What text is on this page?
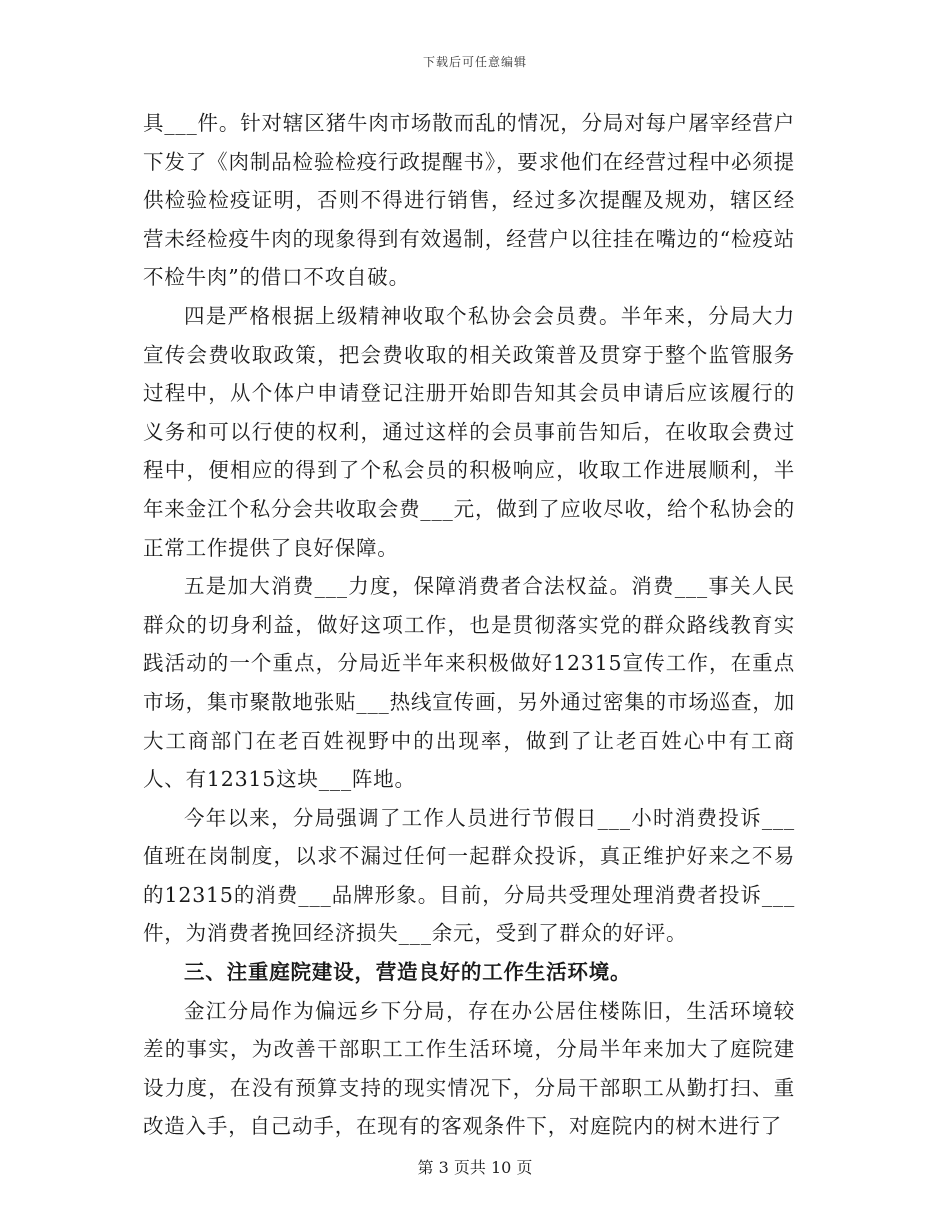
下载后可任意编辑

具___件。针对辖区猪牛肉市场散而乱的情况，分局对每户屠宰经营户下发了《肉制品检验检疫行政提醒书》，要求他们在经营过程中必须提供检验检疫证明，否则不得进行销售，经过多次提醒及规劝，辖区经营未经检疫牛肉的现象得到有效遏制，经营户以往挂在嘴边的“检疫站不检牛肉”的借口不攻自破。

四是严格根据上级精神收取个私协会会员费。半年来，分局大力宣传会费收取政策，把会费收取的相关政策普及贯穿于整个监管服务过程中，从个体户申请登记注册开始即告知其会员申请后应该履行的义务和可以行使的权利，通过这样的会员事前告知后，在收取会费过程中，便相应的得到了个私会员的积极响应，收取工作进展顺利，半年来金江个私分会共收取会费___元，做到了应收尽收，给个私协会的正常工作提供了良好保障。

五是加大消费___力度，保障消费者合法权益。消费___事关人民群众的切身利益，做好这项工作，也是贯彻落实党的群众路线教育实践活动的一个重点，分局近半年来积极做好12315宣传工作，在重点市场，集市聚散地张贴___热线宣传画，另外通过密集的市场巡查，加大工商部门在老百姓视野中的出现率，做到了让老百姓心中有工商人、有12315这块___阵地。

今年以来，分局强调了工作人员进行节假日___小时消费投诉___值班在岗制度，以求不漏过任何一起群众投诉，真正维护好来之不易的12315的消费___品牌形象。目前，分局共受理处理消费者投诉___件，为消费者挽回经济损失___余元，受到了群众的好评。

三、注重庭院建设，营造良好的工作生活环境。

金江分局作为偏远乡下分局，存在办公居住楼陈旧，生活环境较差的事实，为改善干部职工工作生活环境，分局半年来加大了庭院建设力度，在没有预算支持的现实情况下，分局干部职工从勤打扫、重改造入手，自己动手，在现有的客观条件下，对庭院内的树木进行了

第 3 页共 10 页
